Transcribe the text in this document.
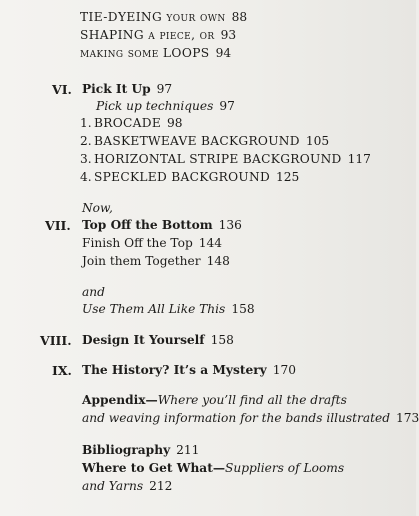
TIE-DYEING your own 88
SHAPING a piece, or 93
making some LOOPS 94
VI. Pick It Up 97
Pick up techniques 97
1. BROCADE 98
2. BASKETWEAVE BACKGROUND 105
3. HORIZONTAL STRIPE BACKGROUND 117
4. SPECKLED BACKGROUND 125
Now,
VII. Top Off the Bottom 136
Finish Off the Top 144
Join them Together 148
and
Use Them All Like This 158
VIII. Design It Yourself 158
IX. The History? It’s a Mystery 170
Appendix—Where you’ll find all the drafts
and weaving information for the bands illustrated 173
Bibliography 211
Where to Get What—Suppliers of Looms
and Yarns 212
